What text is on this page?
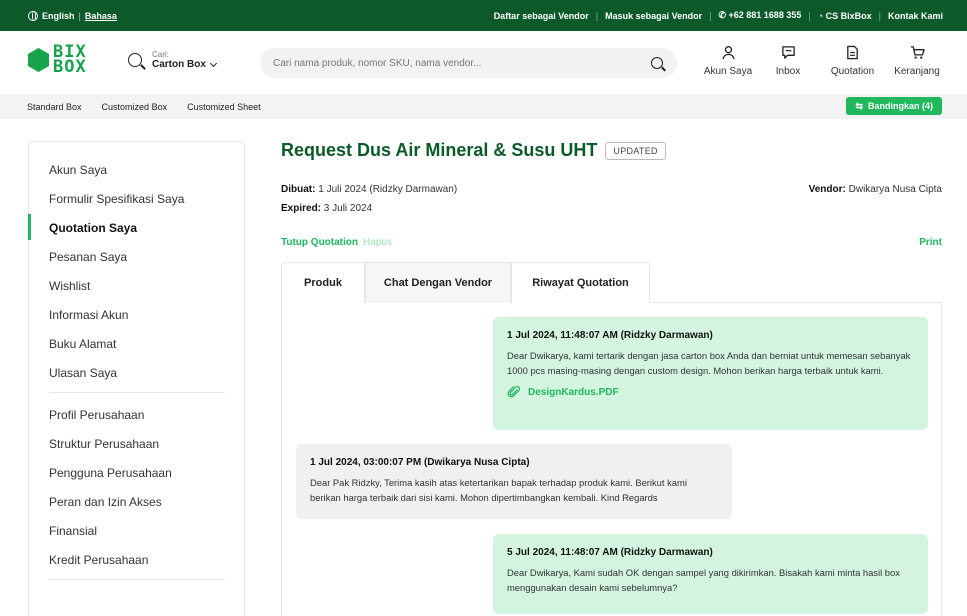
English | Bahasa	Daftar sebagai Vendor | Masuk sebagai Vendor | ✆ +62 881 1688 355 | ◔ CS BixBox | Kontak Kami
BIX
BOX
Cari:
Carton Box
Cari nama produk, nomor SKU, nama vendor...
Akun Saya Inbox	Quotation Keranjang
Standard Box Customized Box Customized Sheet	⇆ Bandingkan (4)
Akun Saya
Formulir Spesifikasi Saya
Quotation Saya
Pesanan Saya
Wishlist
Informasi Akun
Buku Alamat
Ulasan Saya
Profil Perusahaan
Struktur Perusahaan
Pengguna Perusahaan
Peran dan Izin Akses
Finansial
Kredit Perusahaan
Request Dus Air Mineral & Susu UHT	UPDATED
Dibuat: 1 Juli 2024 (Ridzky Darmawan)
Expired: 3 Juli 2024
Vendor: Dwikarya Nusa Cipta
Tutup Quotation Hapus	Print
Produk	Chat Dengan Vendor	Riwayat Quotation
1 Jul 2024, 11:48:07 AM (Ridzky Darmawan)
Dear Dwikarya, kami tertarik dengan jasa carton box Anda dan berniat untuk memesan sebanyak 1000 pcs masing-masing dengan custom design. Mohon berikan harga terbaik untuk kami.
DesignKardus.PDF
1 Jul 2024, 03:00:07 PM (Dwikarya Nusa Cipta)
Dear Pak Ridzky, Terima kasih atas ketertarikan bapak terhadap produk kami. Berikut kami berikan harga terbaik dari sisi kami. Mohon dipertimbangkan kembali. Kind Regards
5 Jul 2024, 11:48:07 AM (Ridzky Darmawan)
Dear Dwikarya, Kami sudah OK dengan sampel yang dikirimkan. Bisakah kami minta hasil box menggunakan desain kami sebelumnya?
